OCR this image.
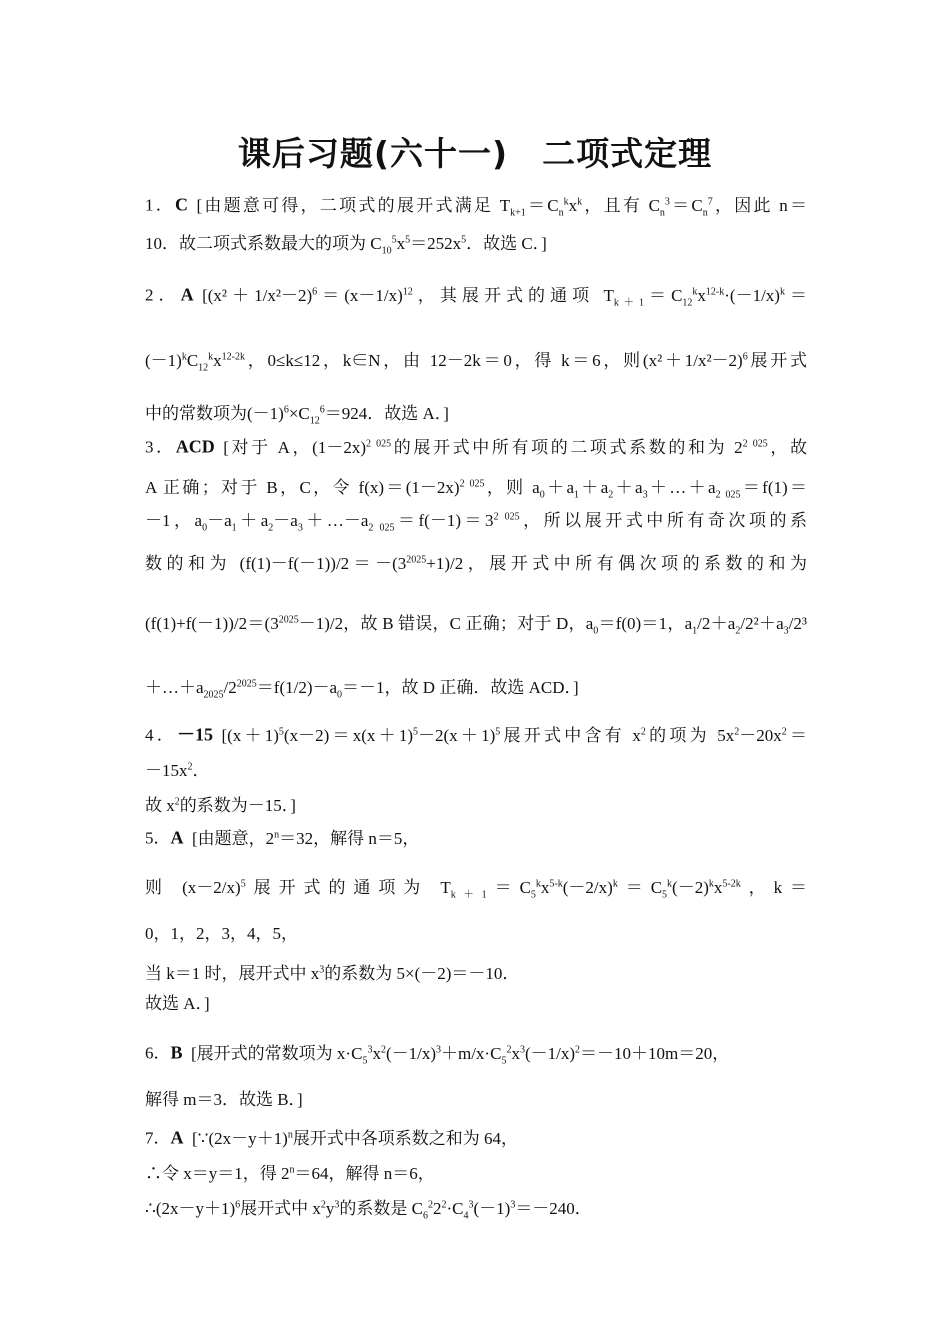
课后习题(六十一)　二项式定理
1．C  [由题意可得，二项式的展开式满足 $T_{k+1}=C_n^kx^k$，且有 $C_n^3=C_n^7$，因此 n＝
10．故二项式系数最大的项为 $C_{10}^5x^5=252x^5$．故选 C．]
2．A  [$(x^2+1/x^2-2)^6=(x-1/x)^{12}$，其展开式的通项 $T_{k+1}=C_{12}^kx^{12-k}\cdot(-1/x)^k=$
$(-1)^kC_{12}^kx^{12-2k}$，0≤k≤12，k∈N，由 12－2k＝0，得 k＝6，则$(x^2+1/x^2-2)^6$展开式
中的常数项为$(-1)^6\times C_{12}^6=924$．故选 A．]
3．ACD  [对于 A，$(1-2x)^{2 025}$的展开式中所有项的二项式系数的和为 $2^{2 025}$，故
A 正确；对于 B，C，令 $f(x)=(1-2x)^{2 025}$，则 $a_0+a_1+a_2+a_3+\dots+a_{2 025}=f(1)=$
－1，$a_0-a_1+a_2-a_3+\dots-a_{2 025}=f(-1)=3^{2 025}$，所以展开式中所有奇次项的系
数的和为 $(f(1)-f(-1))/2=-(3^{2025}+1)/2$，展开式中所有偶次项的系数的和为
$(f(1)+f(-1))/2=(3^{2025}-1)/2$，故 B 错误，C 正确；对于 D，$a_0=f(0)=1$，$a_1/2+a_2/2^2+a_3/2^3$
$+\dots+a_{2025}/2^{2025}=f(1/2)-a_0=-1$，故 D 正确．故选 ACD．]
4．－15  [$(x+1)^5(x-2)=x(x+1)^5-2(x+1)^5$展开式中含有 $x^2$的项为 $5x^2-20x^2=$
$-15x^2$．
故 $x^2$的系数为－15．]
5．A  [由题意，$2^n=32$，解得 n＝5，
则 $(x-2/x)^5$展开式的通项为 $T_{k+1}=C_5^kx^{5-k}(-2/x)^k=C_5^k(-2)^kx^{5-2k}$，k＝
0，1，2，3，4，5，
当 k＝1 时，展开式中 $x^3$的系数为 5×(－2)＝－10．
故选 A．]
6．B  [展开式的常数项为 $x\cdot C_5^3x^2(-1/x)^3+m/x\cdot C_5^2x^3(-1/x)^2=-10+10m=20$，
解得 m＝3．故选 B．]
7．A  [$\because(2x-y+1)^n$展开式中各项系数之和为 64，
∴令 x＝y＝1，得 $2^n=64$，解得 n＝6，
$\therefore(2x-y+1)^6$展开式中 $x^2y^3$的系数是 $C_6^22^2\cdot C_4^3(-1)^3=-240$．
